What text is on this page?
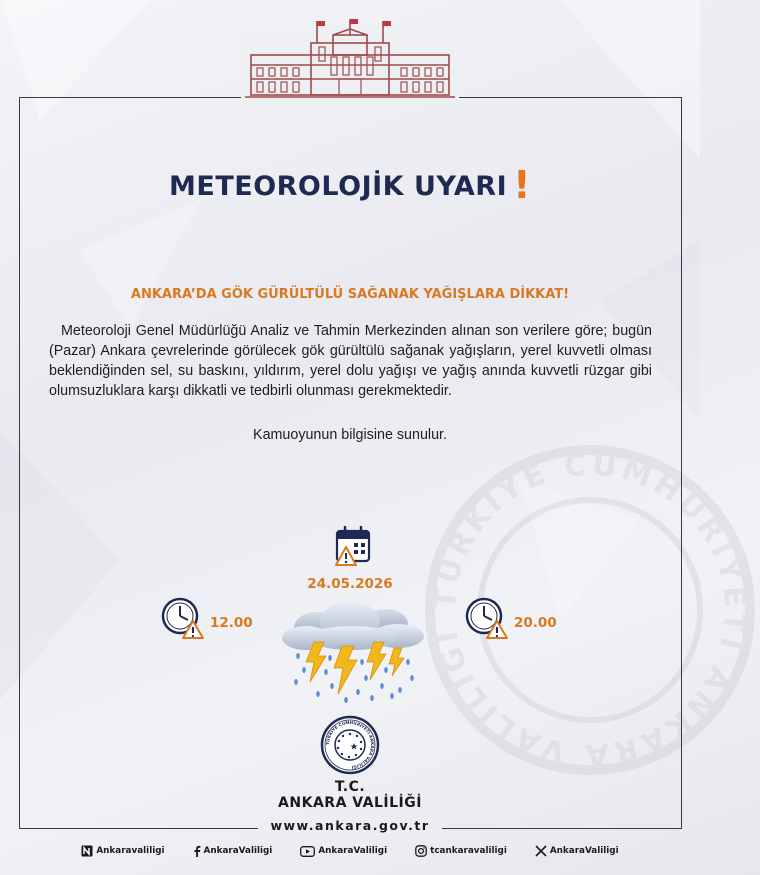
TÜRKİYE CUMHURİYETİ ANKARA VALİLİĞİ
METEOROLOJİK UYARI !
ANKARA’DA GÖK GÜRÜLTÜLÜ SAĞANAK YAĞIŞLARA DİKKAT!
Meteoroloji Genel Müdürlüğü Analiz ve Tahmin Merkezinden alınan son verilere göre; bugün (Pazar) Ankara çevrelerinde görülecek gök gürültülü sağanak yağışların, yerel kuvvetli olması beklendiğinden sel, su baskını, yıldırım, yerel dolu yağışı ve yağış anında kuvvetli rüzgar gibi olumsuzluklara karşı dikkatli ve tedbirli olunması gerekmektedir.
Kamuoyunun bilgisine sunulur.
24.05.2026
12.00	20.00
TÜRKİYE CUMHURİYETİ ANKARA VALİLİĞİ
T.C.
ANKARA VALİLİĞİ
www.ankara.gov.tr
Ankaravaliligi	AnkaraValiligi	AnkaraValiligi	tcankaravaliligi	AnkaraValiligi
